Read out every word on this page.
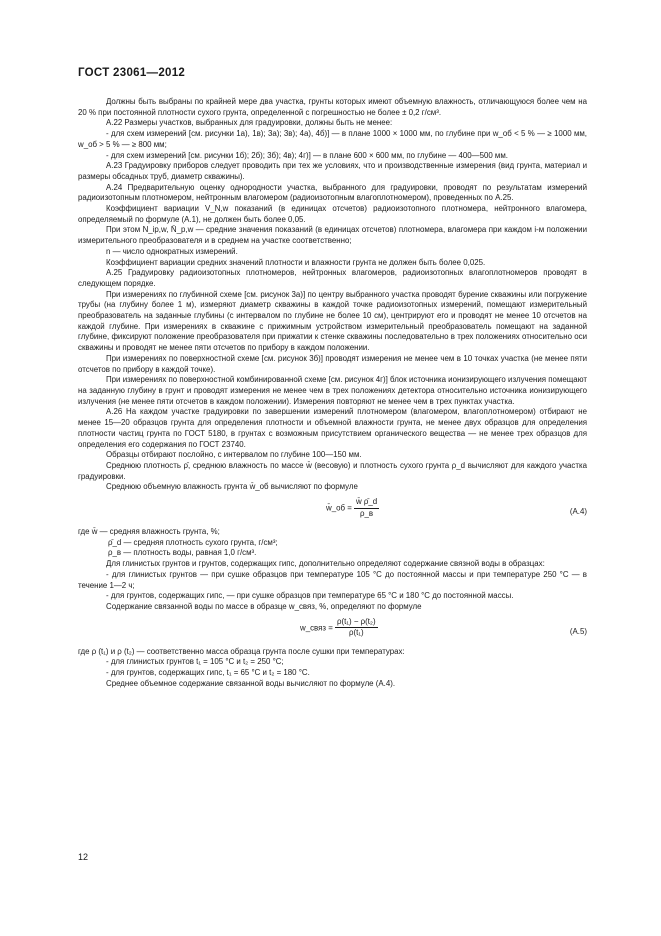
ГОСТ 23061—2012

Должны быть выбраны по крайней мере два участка, грунты которых имеют объемную влажность, отличающуюся более чем на 20 % при постоянной плотности сухого грунта, определенной с погрешностью не более ± 0,2 г/см³.

А.22 Размеры участков, выбранных для градуировки, должны быть не менее:

- для схем измерений [см. рисунки 1а), 1в); 3а); 3в); 4а), 4б)] — в плане 1000 × 1000 мм, по глубине при w_об < 5 % — ≥ 1000 мм, w_об > 5 % — ≥ 800 мм;

- для схем измерений [см. рисунки 1б); 2б); 3б); 4в); 4г)] — в плане 600 × 600 мм, по глубине — 400—500 мм.

А.23 Градуировку приборов следует проводить при тех же условиях, что и производственные измерения (вид грунта, материал и размеры обсадных труб, диаметр скважины).

А.24 Предварительную оценку однородности участка, выбранного для градуировки, проводят по результатам измерений радиоизотопным плотномером, нейтронным влагомером (радиоизотопным влагоплотномером), проведенных по А.25.

Коэффициент вариации V_N,w показаний (в единицах отсчетов) радиоизотопного плотномера, нейтронного влагомера, определяемый по формуле (А.1), не должен быть более 0,05.

При этом N_ip,w, N̄_p,w — средние значения показаний (в единицах отсчетов) плотномера, влагомера при каждом i-м положении измерительного преобразователя и в среднем на участке соответственно;

n — число однократных измерений.

Коэффициент вариации средних значений плотности и влажности грунта не должен быть более 0,025.

А.25 Градуировку радиоизотопных плотномеров, нейтронных влагомеров, радиоизотопных влагоплотномеров проводят в следующем порядке.

При измерениях по глубинной схеме [см. рисунок 3а)] по центру выбранного участка проводят бурение скважины или погружение трубы (на глубину более 1 м), измеряют диаметр скважины в каждой точке радиоизотопных измерений, помещают измерительный преобразователь на заданные глубины (с интервалом по глубине не более 10 см), центрируют его и проводят не менее 10 отсчетов на каждой глубине. При измерениях в скважине с прижимным устройством измерительный преобразователь помещают на заданной глубине, фиксируют положение преобразователя при прижатии к стенке скважины последовательно в трех положениях относительно оси скважины и проводят не менее пяти отсчетов по прибору в каждом положении.

При измерениях по поверхностной схеме [см. рисунок 3б)] проводят измерения не менее чем в 10 точках участка (не менее пяти отсчетов по прибору в каждой точке).

При измерениях по поверхностной комбинированной схеме [см. рисунок 4г)] блок источника ионизирующего излучения помещают на заданную глубину в грунт и проводят измерения не менее чем в трех положениях детектора относительно источника ионизирующего излучения (не менее пяти отсчетов в каждом положении). Измерения повторяют не менее чем в трех пунктах участка.

А.26 На каждом участке градуировки по завершении измерений плотномером (влагомером, влагоплотномером) отбирают не менее 15—20 образцов грунта для определения плотности и объемной влажности грунта, не менее двух образцов для определения плотности частиц грунта по ГОСТ 5180, в грунтах с возможным присутствием органического вещества — не менее трех образцов для определения его содержания по ГОСТ 23740.

Образцы отбирают послойно, с интервалом по глубине 100—150 мм.

Среднюю плотность ρ̄, среднюю влажность по массе w̄ (весовую) и плотность сухого грунта ρ_d вычисляют для каждого участка градуировки.

Среднюю объемную влажность грунта w̄_об вычисляют по формуле

w̄_об = $\frac{w̄ \rhō\_d}{\rho\_в}$	(А.4)
где w̄ — средняя влажность грунта, %;
ρ̄_d — средняя плотность сухого грунта, г/см³;
ρ_в — плотность воды, равная 1,0 г/см³.

Для глинистых грунтов и грунтов, содержащих гипс, дополнительно определяют содержание связной воды в образцах:

- для глинистых грунтов — при сушке образцов при температуре 105 °С до постоянной массы и при температуре 250 °С — в течение 1—2 ч;

- для грунтов, содержащих гипс, — при сушке образцов при температуре 65 °С и 180 °С до постоянной массы.

Содержание связанной воды по массе в образце w_связ, %, определяют по формуле

w_связ = $\frac{\text{ρ(t₁) − ρ(t₂)}}{\text{ρ(t₁)}}$	(А.5)

где ρ (t₁) и ρ (t₂) — соответственно масса образца грунта после сушки при температурах:

- для глинистых грунтов t₁ = 105 °С и t₂ = 250 °С;

- для грунтов, содержащих гипс, t₁ = 65 °С и t₂ = 180 °С.

Среднее объемное содержание связанной воды вычисляют по формуле (А.4).

12
